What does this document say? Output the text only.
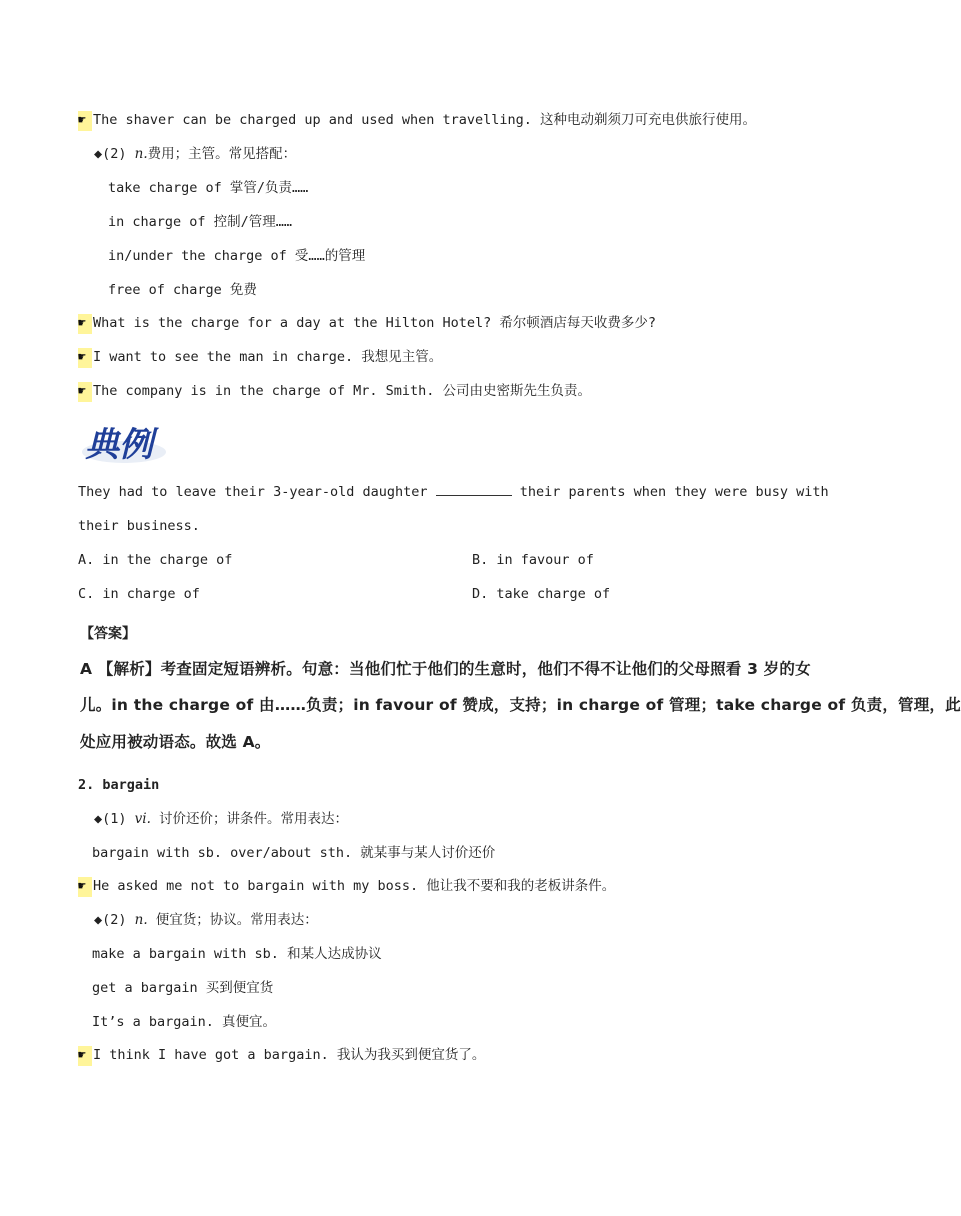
☛ The shaver can be charged up and used when travelling. 这种电动剃须刀可充电供旅行使用。
◆(2) n.费用；主管。常见搭配：
take charge of 掌管/负责……
in charge of 控制/管理……
in/under the charge of 受……的管理
free of charge 免费
☛ What is the charge for a day at the Hilton Hotel? 希尔顿酒店每天收费多少?
☛ I want to see the man in charge. 我想见主管。
☛ The company is in the charge of Mr. Smith. 公司由史密斯先生负责。
典例
They had to leave their 3-year-old daughter	their parents when they were busy with
their business.
A. in the charge of	B. in favour of
C. in charge of	D. take charge of
【答案】
A 【解析】考查固定短语辨析。句意：当他们忙于他们的生意时，他们不得不让他们的父母照看 3 岁的女
儿。in the charge of 由……负责；in favour of 赞成，支持；in charge of 管理；take charge of 负责，管理，此
处应用被动语态。故选 A。
2. bargain
◆(1) vi. 讨价还价；讲条件。常用表达：
bargain with sb. over/about sth. 就某事与某人讨价还价
☛ He asked me not to bargain with my boss. 他让我不要和我的老板讲条件。
◆(2) n. 便宜货；协议。常用表达：
make a bargain with sb. 和某人达成协议
get a bargain 买到便宜货
It’s a bargain. 真便宜。
☛ I think I have got a bargain. 我认为我买到便宜货了。
